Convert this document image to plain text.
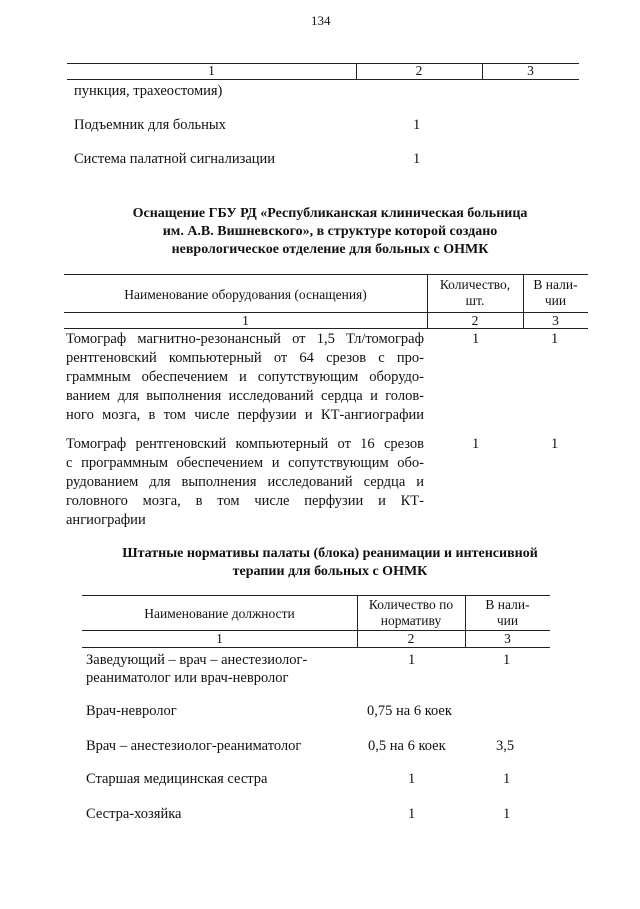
134
1	2	3
пункция, трахеостомия)
Подъемник для больных	1
Система палатной сигнализации	1
Оснащение ГБУ РД «Республиканская клиническая больница
им. А.В. Вишневского», в структуре которой создано
неврологическое отделение для больных с ОНМК
Наименование оборудования (оснащения)
Количество,
шт.
В нали-
чии
1	2	3
Томограф магнитно-резонансный от 1,5 Тл/томограф
рентгеновский компьютерный от 64 срезов с про-
граммным обеспечением и сопутствующим оборудо-
ванием для выполнения исследований сердца и голов-
ного мозга, в том числе перфузии и КТ-ангиографии
1	1
Томограф рентгеновский компьютерный от 16 срезов
с программным обеспечением и сопутствующим обо-
рудованием для выполнения исследований сердца и
головного мозга, в том числе перфузии и КТ-
ангиографии
1	1
Штатные нормативы палаты (блока) реанимации и интенсивной
терапии для больных с ОНМК
Наименование должности
Количество по
нормативу
В нали-
чии
1	2	3
Заведующий – врач – анестезиолог-
реаниматолог или врач-невролог
1	1
Врач-невролог	0,75 на 6 коек
Врач – анестезиолог-реаниматолог	0,5 на 6 коек	3,5
Старшая медицинская сестра	1	1
Сестра-хозяйка	1	1
